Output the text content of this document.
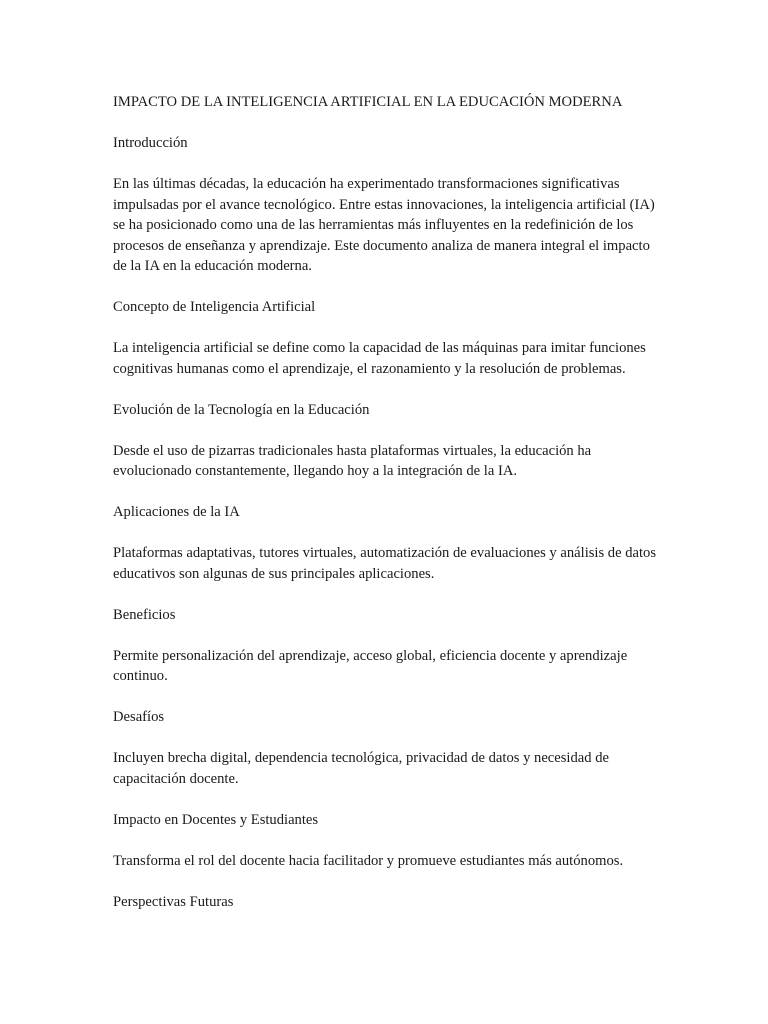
IMPACTO DE LA INTELIGENCIA ARTIFICIAL EN LA EDUCACIÓN MODERNA

Introducción

En las últimas décadas, la educación ha experimentado transformaciones significativas impulsadas por el avance tecnológico. Entre estas innovaciones, la inteligencia artificial (IA) se ha posicionado como una de las herramientas más influyentes en la redefinición de los procesos de enseñanza y aprendizaje. Este documento analiza de manera integral el impacto de la IA en la educación moderna.

Concepto de Inteligencia Artificial

La inteligencia artificial se define como la capacidad de las máquinas para imitar funciones cognitivas humanas como el aprendizaje, el razonamiento y la resolución de problemas.

Evolución de la Tecnología en la Educación

Desde el uso de pizarras tradicionales hasta plataformas virtuales, la educación ha evolucionado constantemente, llegando hoy a la integración de la IA.

Aplicaciones de la IA

Plataformas adaptativas, tutores virtuales, automatización de evaluaciones y análisis de datos educativos son algunas de sus principales aplicaciones.

Beneficios

Permite personalización del aprendizaje, acceso global, eficiencia docente y aprendizaje continuo.

Desafíos

Incluyen brecha digital, dependencia tecnológica, privacidad de datos y necesidad de capacitación docente.

Impacto en Docentes y Estudiantes

Transforma el rol del docente hacia facilitador y promueve estudiantes más autónomos.

Perspectivas Futuras
